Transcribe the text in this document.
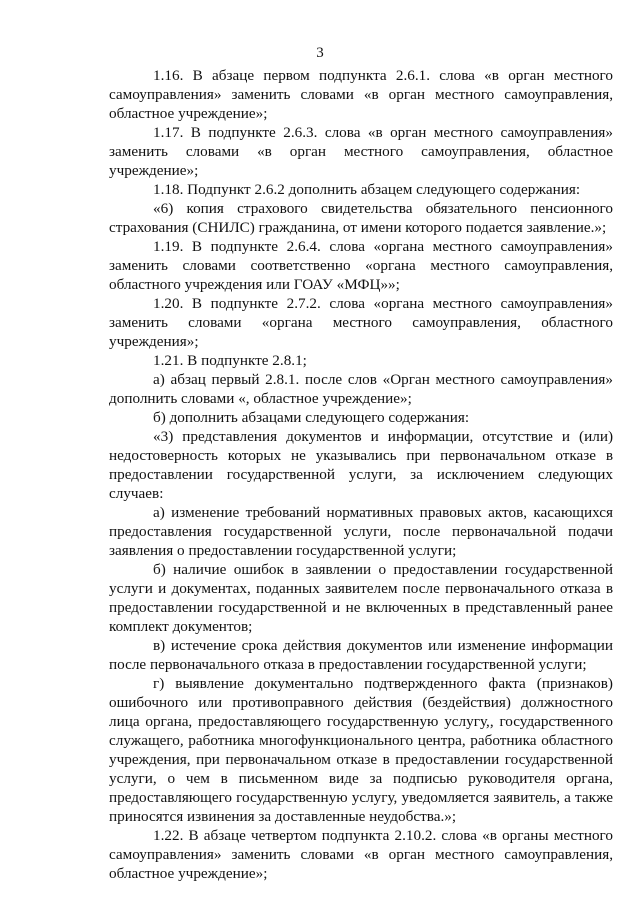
3

1.16. В абзаце первом подпункта 2.6.1. слова «в орган местного самоуправления» заменить словами «в орган местного самоуправления, областное учреждение»;

1.17. В подпункте 2.6.3. слова «в орган местного самоуправления» заменить словами «в орган местного самоуправления, областное учреждение»;

1.18. Подпункт 2.6.2 дополнить абзацем следующего содержания:

«6) копия страхового свидетельства обязательного пенсионного страхования (СНИЛС) гражданина, от имени которого подается заявление.»;

1.19. В подпункте 2.6.4. слова «органа местного самоуправления» заменить словами соответственно «органа местного самоуправления, областного учреждения или ГОАУ «МФЦ»»;

1.20. В подпункте 2.7.2. слова «органа местного самоуправления» заменить словами «органа местного самоуправления, областного учреждения»;

1.21. В подпункте 2.8.1;

а) абзац первый 2.8.1. после слов «Орган местного самоуправления» дополнить словами «, областное учреждение»;

б) дополнить абзацами следующего содержания:

«3) представления документов и информации, отсутствие и (или) недостоверность которых не указывались при первоначальном отказе в предоставлении государственной услуги, за исключением следующих случаев:

а) изменение требований нормативных правовых актов, касающихся предоставления государственной услуги, после первоначальной подачи заявления о предоставлении государственной услуги;

б) наличие ошибок в заявлении о предоставлении государственной услуги и документах, поданных заявителем после первоначального отказа в предоставлении государственной и не включенных в представленный ранее комплект документов;

в) истечение срока действия документов или изменение информации после первоначального отказа в предоставлении государственной услуги;

г) выявление документально подтвержденного факта (признаков) ошибочного или противоправного действия (бездействия) должностного лица органа, предоставляющего государственную услугу,, государственного служащего, работника многофункционального центра, работника областного учреждения, при первоначальном отказе в предоставлении государственной услуги, о чем в письменном виде за подписью руководителя органа, предоставляющего государственную услугу, уведомляется заявитель, а также приносятся извинения за доставленные неудобства.»;

1.22. В абзаце четвертом подпункта 2.10.2. слова «в органы местного самоуправления» заменить словами «в орган местного самоуправления, областное учреждение»;
